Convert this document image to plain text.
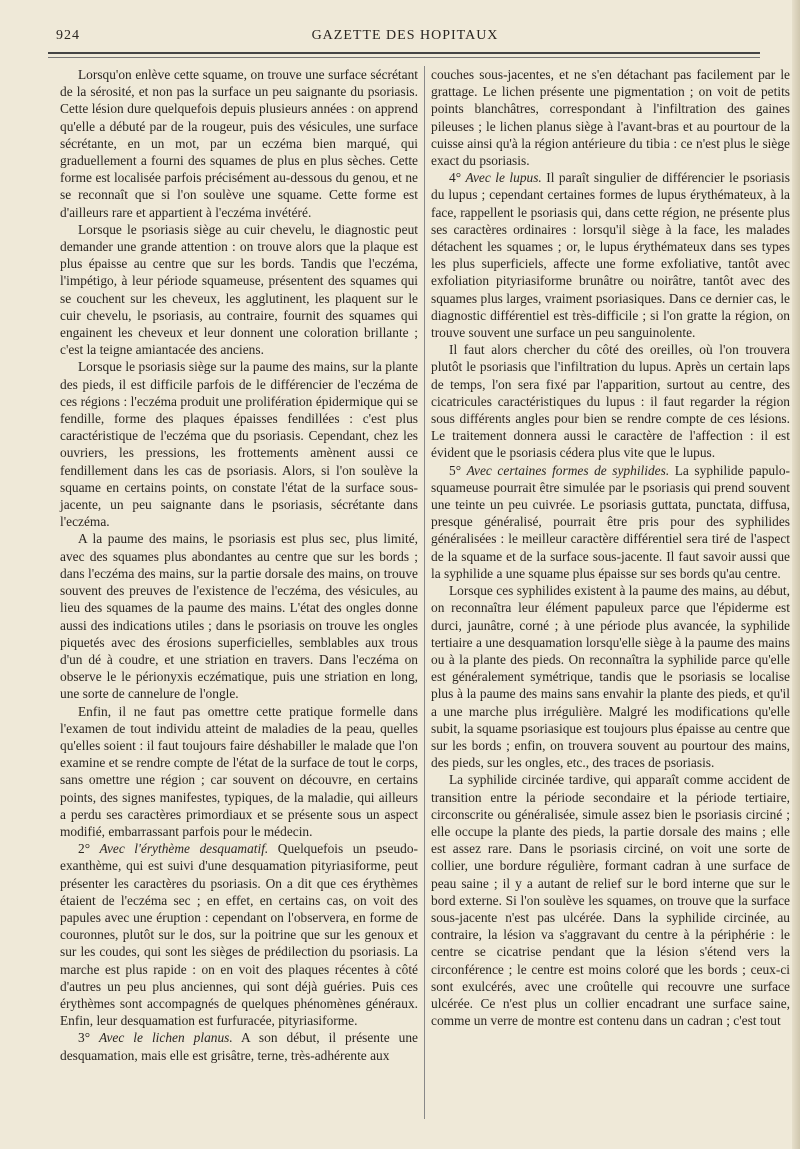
924	GAZETTE DES HOPITAUX

Lorsqu'on enlève cette squame, on trouve une surface sécrétant de la sérosité, et non pas la surface un peu saignante du psoriasis. Cette lésion dure quelquefois depuis plusieurs années : on apprend qu'elle a débuté par de la rougeur, puis des vésicules, une surface sécrétante, en un mot, par un eczéma bien marqué, qui graduellement a fourni des squames de plus en plus sèches. Cette forme est localisée parfois précisément au-dessous du genou, et ne se reconnaît que si l'on soulève une squame. Cette forme est d'ailleurs rare et appartient à l'eczéma invétéré.

Lorsque le psoriasis siège au cuir chevelu, le diagnostic peut demander une grande attention : on trouve alors que la plaque est plus épaisse au centre que sur les bords. Tandis que l'eczéma, l'impétigo, à leur période squameuse, présentent des squames qui se couchent sur les cheveux, les agglutinent, les plaquent sur le cuir chevelu, le psoriasis, au contraire, fournit des squames qui engainent les cheveux et leur donnent une coloration brillante ; c'est la teigne amiantacée des anciens.

Lorsque le psoriasis siège sur la paume des mains, sur la plante des pieds, il est difficile parfois de le différencier de l'eczéma de ces régions : l'eczéma produit une prolifération épidermique qui se fendille, forme des plaques épaisses fendillées : c'est plus caractéristique de l'eczéma que du psoriasis. Cependant, chez les ouvriers, les pressions, les frottements amènent aussi ce fendillement dans les cas de psoriasis. Alors, si l'on soulève la squame en certains points, on constate l'état de la surface sous-jacente, un peu saignante dans le psoriasis, sécrétante dans l'eczéma.

A la paume des mains, le psoriasis est plus sec, plus limité, avec des squames plus abondantes au centre que sur les bords ; dans l'eczéma des mains, sur la partie dorsale des mains, on trouve souvent des preuves de l'existence de l'eczéma, des vésicules, au lieu des squames de la paume des mains. L'état des ongles donne aussi des indications utiles ; dans le psoriasis on trouve les ongles piquetés avec des érosions superficielles, semblables aux trous d'un dé à coudre, et une striation en travers. Dans l'eczéma on observe le le périonyxis eczématique, puis une striation en long, une sorte de cannelure de l'ongle.

Enfin, il ne faut pas omettre cette pratique formelle dans l'examen de tout individu atteint de maladies de la peau, quelles qu'elles soient : il faut toujours faire déshabiller le malade que l'on examine et se rendre compte de l'état de la surface de tout le corps, sans omettre une région ; car souvent on découvre, en certains points, des signes manifestes, typiques, de la maladie, qui ailleurs a perdu ses caractères primordiaux et se présente sous un aspect modifié, embarrassant parfois pour le médecin.

2° Avec l'érythème desquamatif. Quelquefois un pseudo-exanthème, qui est suivi d'une desquamation pityriasiforme, peut présenter les caractères du psoriasis. On a dit que ces érythèmes étaient de l'eczéma sec ; en effet, en certains cas, on voit des papules avec une éruption : cependant on l'observera, en forme de couronnes, plutôt sur le dos, sur la poitrine que sur les genoux et sur les coudes, qui sont les sièges de prédilection du psoriasis. La marche est plus rapide : on en voit des plaques récentes à côté d'autres un peu plus anciennes, qui sont déjà guéries. Puis ces érythèmes sont accompagnés de quelques phénomènes généraux. Enfin, leur desquamation est furfuracée, pityriasiforme.

3° Avec le lichen planus. A son début, il présente une desquamation, mais elle est grisâtre, terne, très-adhérente aux

couches sous-jacentes, et ne s'en détachant pas facilement par le grattage. Le lichen présente une pigmentation ; on voit de petits points blanchâtres, correspondant à l'infiltration des gaines pileuses ; le lichen planus siège à l'avant-bras et au pourtour de la cuisse ainsi qu'à la région antérieure du tibia : ce n'est plus le siège exact du psoriasis.

4° Avec le lupus. Il paraît singulier de différencier le psoriasis du lupus ; cependant certaines formes de lupus érythémateux, à la face, rappellent le psoriasis qui, dans cette région, ne présente plus ses caractères ordinaires : lorsqu'il siège à la face, les malades détachent les squames ; or, le lupus érythémateux dans ses types les plus superficiels, affecte une forme exfoliative, tantôt avec exfoliation pityriasiforme brunâtre ou noirâtre, tantôt avec des squames plus larges, vraiment psoriasiques. Dans ce dernier cas, le diagnostic différentiel est très-difficile ; si l'on gratte la région, on trouve souvent une surface un peu sanguinolente.

Il faut alors chercher du côté des oreilles, où l'on trouvera plutôt le psoriasis que l'infiltration du lupus. Après un certain laps de temps, l'on sera fixé par l'apparition, surtout au centre, des cicatricules caractéristiques du lupus : il faut regarder la région sous différents angles pour bien se rendre compte de ces lésions. Le traitement donnera aussi le caractère de l'affection : il est évident que le psoriasis cédera plus vite que le lupus.

5° Avec certaines formes de syphilides. La syphilide papulo-squameuse pourrait être simulée par le psoriasis qui prend souvent une teinte un peu cuivrée. Le psoriasis guttata, punctata, diffusa, presque généralisé, pourrait être pris pour des syphilides généralisées : le meilleur caractère différentiel sera tiré de l'aspect de la squame et de la surface sous-jacente. Il faut savoir aussi que la syphilide a une squame plus épaisse sur ses bords qu'au centre.

Lorsque ces syphilides existent à la paume des mains, au début, on reconnaîtra leur élément papuleux parce que l'épiderme est durci, jaunâtre, corné ; à une période plus avancée, la syphilide tertiaire a une desquamation lorsqu'elle siège à la paume des mains ou à la plante des pieds. On reconnaîtra la syphilide parce qu'elle est généralement symétrique, tandis que le psoriasis se localise plus à la paume des mains sans envahir la plante des pieds, et qu'il a une marche plus irrégulière. Malgré les modifications qu'elle subit, la squame psoriasique est toujours plus épaisse au centre que sur les bords ; enfin, on trouvera souvent au pourtour des mains, des pieds, sur les ongles, etc., des traces de psoriasis.

La syphilide circinée tardive, qui apparaît comme accident de transition entre la période secondaire et la période tertiaire, circonscrite ou généralisée, simule assez bien le psoriasis circiné ; elle occupe la plante des pieds, la partie dorsale des mains ; elle est assez rare. Dans le psoriasis circiné, on voit une sorte de collier, une bordure régulière, formant cadran à une surface de peau saine ; il y a autant de relief sur le bord interne que sur le bord externe. Si l'on soulève les squames, on trouve que la surface sous-jacente n'est pas ulcérée. Dans la syphilide circinée, au contraire, la lésion va s'aggravant du centre à la périphérie : le centre se cicatrise pendant que la lésion s'étend vers la circonférence ; le centre est moins coloré que les bords ; ceux-ci sont exulcérés, avec une croûtelle qui recouvre une surface ulcérée. Ce n'est plus un collier encadrant une surface saine, comme un verre de montre est contenu dans un cadran ; c'est tout
